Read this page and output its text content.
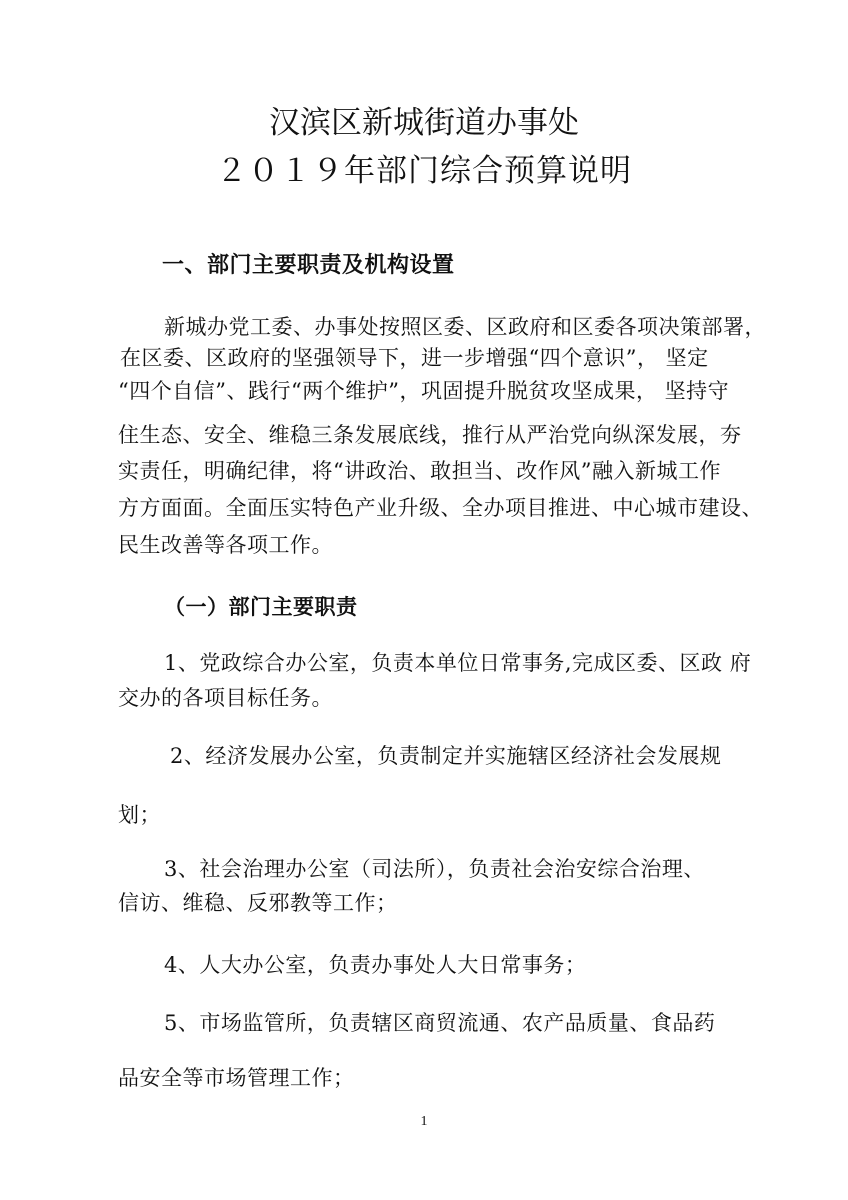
汉滨区新城街道办事处
２０１９年部门综合预算说明
一、部门主要职责及机构设置
新城办党工委、办事处按照区委、区政府和区委各项决策部署，
在区委、区政府的坚强领导下，进一步增强“四个意识”， 坚定
“四个自信”、践行“两个维护”，巩固提升脱贫攻坚成果， 坚持守
住生态、安全、维稳三条发展底线，推行从严治党向纵深发展，夯
实责任，明确纪律，将“讲政治、敢担当、改作风”融入新城工作
方方面面。全面压实特色产业升级、全办项目推进、中心城市建设、
民生改善等各项工作。
（一）部门主要职责
1、党政综合办公室，负责本单位日常事务,完成区委、区政 府
交办的各项目标任务。
2、经济发展办公室，负责制定并实施辖区经济社会发展规
划；
3、社会治理办公室（司法所），负责社会治安综合治理、
信访、维稳、反邪教等工作；
4、人大办公室，负责办事处人大日常事务；
5、市场监管所，负责辖区商贸流通、农产品质量、食品药
品安全等市场管理工作；
1
